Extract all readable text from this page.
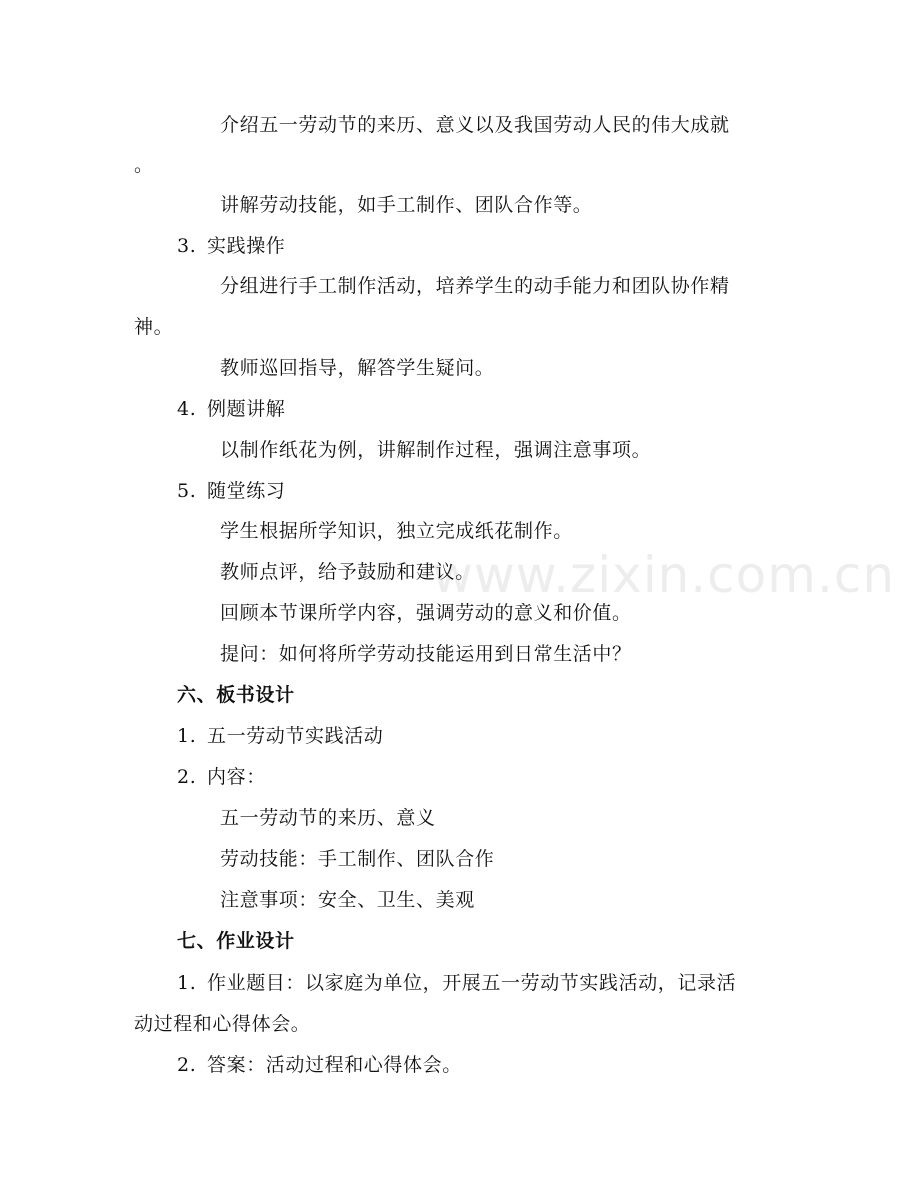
www.zixin.com.cn
介绍五一劳动节的来历、意义以及我国劳动人民的伟大成就
。
讲解劳动技能，如手工制作、团队合作等。
3. 实践操作
分组进行手工制作活动，培养学生的动手能力和团队协作精
神。
教师巡回指导，解答学生疑问。
4. 例题讲解
以制作纸花为例，讲解制作过程，强调注意事项。
5. 随堂练习
学生根据所学知识，独立完成纸花制作。
教师点评，给予鼓励和建议。
回顾本节课所学内容，强调劳动的意义和价值。
提问：如何将所学劳动技能运用到日常生活中？
六、板书设计
1. 五一劳动节实践活动
2. 内容：
五一劳动节的来历、意义
劳动技能：手工制作、团队合作
注意事项：安全、卫生、美观
七、作业设计
1. 作业题目：以家庭为单位，开展五一劳动节实践活动，记录活
动过程和心得体会。
2. 答案：活动过程和心得体会。
